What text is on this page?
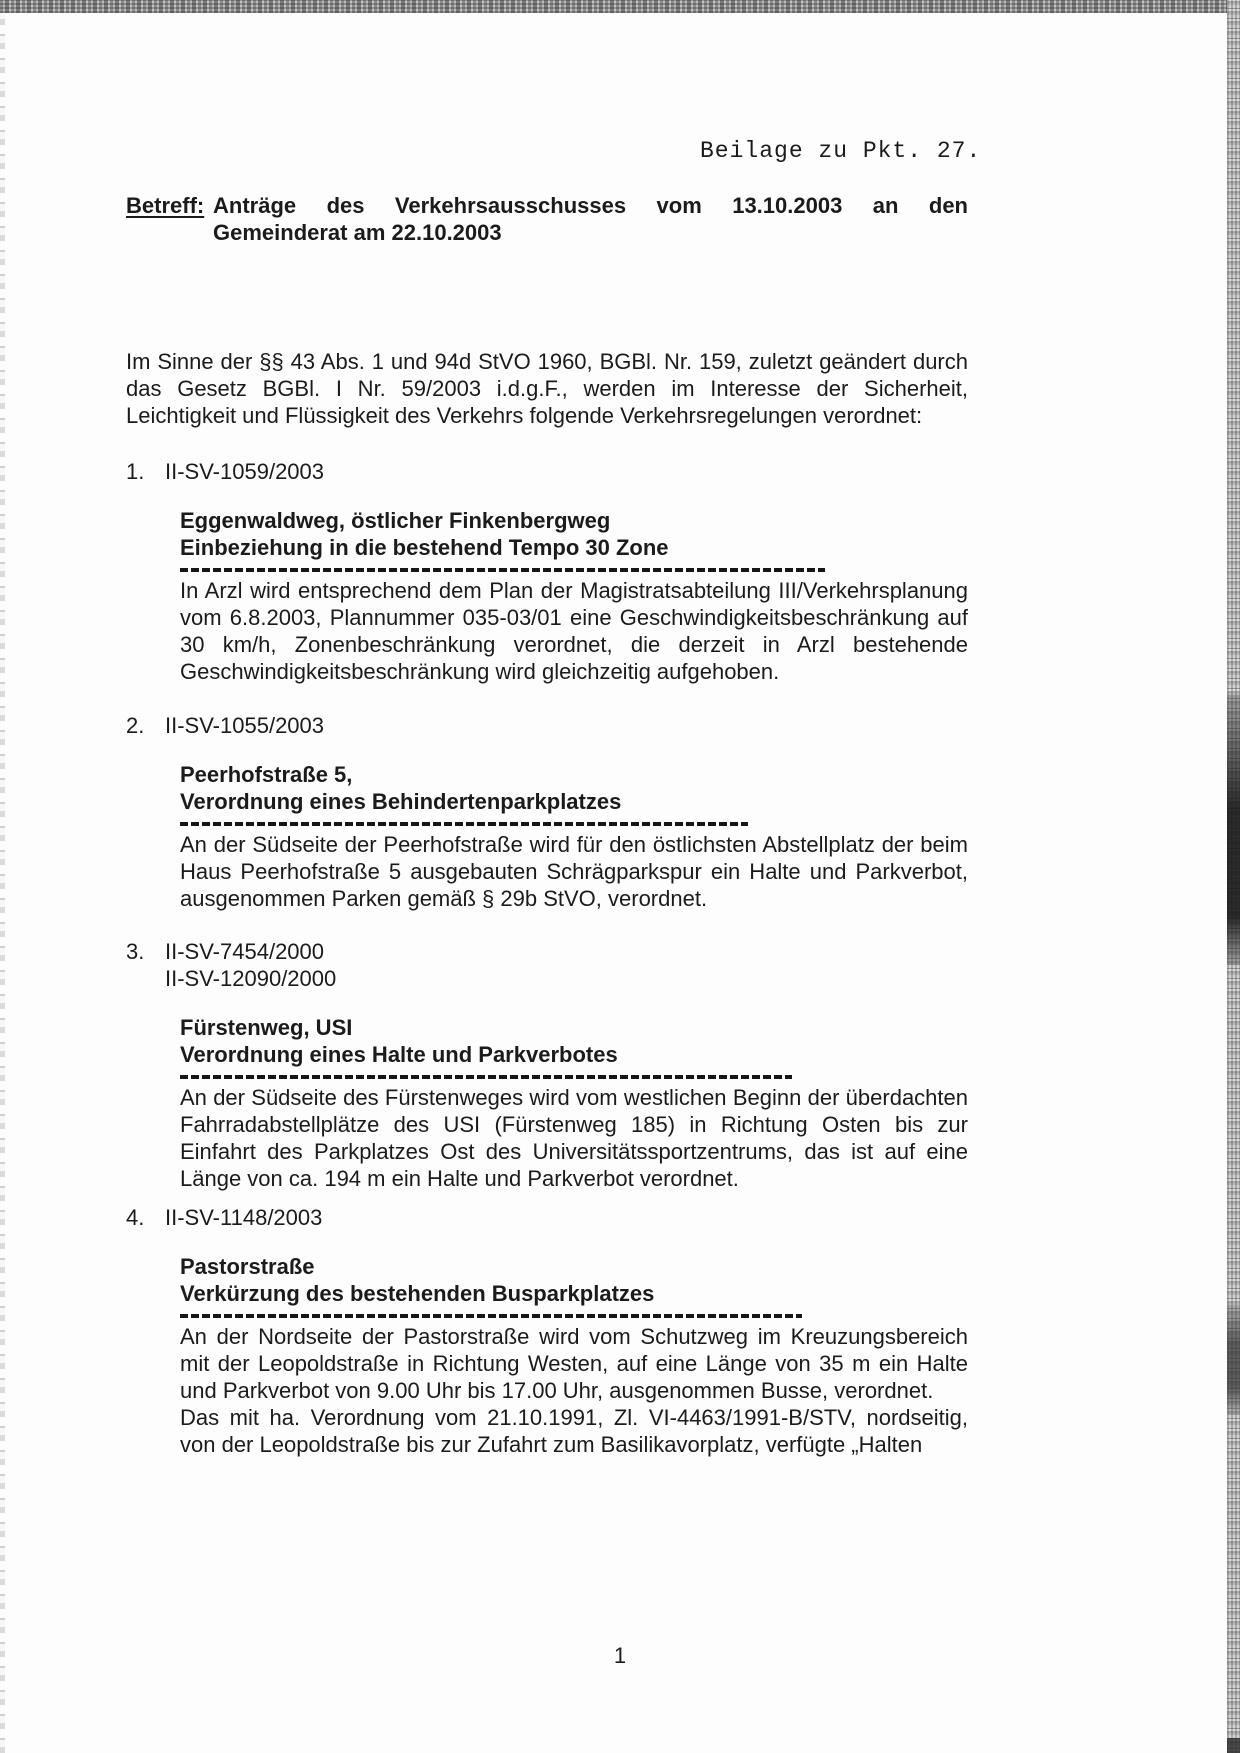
Beilage zu Pkt. 27.
Betreff: Anträge des Verkehrsausschusses vom 13.10.2003 an den
Gemeinderat am 22.10.2003

Im Sinne der §§ 43 Abs. 1 und 94d StVO 1960, BGBl. Nr. 159, zuletzt geändert durch das Gesetz BGBl. I Nr. 59/2003 i.d.g.F., werden im Interesse der Sicherheit, Leichtigkeit und Flüssigkeit des Verkehrs folgende Verkehrsregelungen verordnet:

1. II-SV-1059/2003
Eggenwaldweg, östlicher Finkenbergweg
Einbeziehung in die bestehend Tempo 30 Zone

In Arzl wird entsprechend dem Plan der Magistratsabteilung III/Verkehrsplanung vom 6.8.2003, Plannummer 035-03/01 eine Geschwindigkeitsbeschränkung auf 30 km/h, Zonenbeschränkung verordnet, die derzeit in Arzl bestehende Geschwindigkeitsbeschränkung wird gleichzeitig aufgehoben.

2. II-SV-1055/2003
Peerhofstraße 5,
Verordnung eines Behindertenparkplatzes

An der Südseite der Peerhofstraße wird für den östlichsten Abstellplatz der beim Haus Peerhofstraße 5 ausgebauten Schrägparkspur ein Halte und Parkverbot, ausgenommen Parken gemäß § 29b StVO, verordnet.

3. II-SV-7454/2000
II-SV-12090/2000
Fürstenweg, USI
Verordnung eines Halte und Parkverbotes

An der Südseite des Fürstenweges wird vom westlichen Beginn der überdachten Fahrradabstellplätze des USI (Fürstenweg 185) in Richtung Osten bis zur Einfahrt des Parkplatzes Ost des Universitätssportzentrums, das ist auf eine Länge von ca. 194 m ein Halte und Parkverbot verordnet.

4. II-SV-1148/2003
Pastorstraße
Verkürzung des bestehenden Busparkplatzes

An der Nordseite der Pastorstraße wird vom Schutzweg im Kreuzungsbereich mit der Leopoldstraße in Richtung Westen, auf eine Länge von 35 m ein Halte und Parkverbot von 9.00 Uhr bis 17.00 Uhr, ausgenommen Busse, verordnet.

Das mit ha. Verordnung vom 21.10.1991, Zl. VI-4463/1991-B/STV, nordseitig, von der Leopoldstraße bis zur Zufahrt zum Basilikavorplatz, verfügte „Halten

1
